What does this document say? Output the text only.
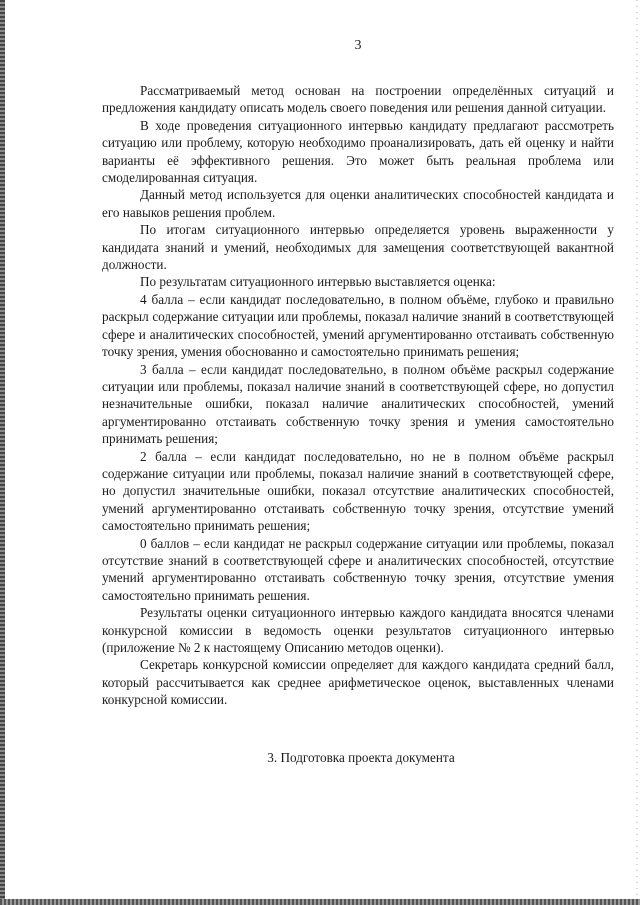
3

Рассматриваемый метод основан на построении определённых ситуаций и предложения кандидату описать модель своего поведения или решения данной ситуации.

В ходе проведения ситуационного интервью кандидату предлагают рассмотреть ситуацию или проблему, которую необходимо проанализировать, дать ей оценку и найти варианты её эффективного решения. Это может быть реальная проблема или смоделированная ситуация.

Данный метод используется для оценки аналитических способностей кандидата и его навыков решения проблем.

По итогам ситуационного интервью определяется уровень выраженности у кандидата знаний и умений, необходимых для замещения соответствующей вакантной должности.

По результатам ситуационного интервью выставляется оценка:

4 балла – если кандидат последовательно, в полном объёме, глубоко и правильно раскрыл содержание ситуации или проблемы, показал наличие знаний в соответствующей сфере и аналитических способностей, умений аргументированно отстаивать собственную точку зрения, умения обоснованно и самостоятельно принимать решения;

3 балла – если кандидат последовательно, в полном объёме раскрыл содержание ситуации или проблемы, показал наличие знаний в соответствующей сфере, но допустил незначительные ошибки, показал наличие аналитических способностей, умений аргументированно отстаивать собственную точку зрения и умения самостоятельно принимать решения;

2 балла – если кандидат последовательно, но не в полном объёме раскрыл содержание ситуации или проблемы, показал наличие знаний в соответствующей сфере, но допустил значительные ошибки, показал отсутствие аналитических способностей, умений аргументированно отстаивать собственную точку зрения, отсутствие умений самостоятельно принимать решения;

0 баллов – если кандидат не раскрыл содержание ситуации или проблемы, показал отсутствие знаний в соответствующей сфере и аналитических способностей, отсутствие умений аргументированно отстаивать собственную точку зрения, отсутствие умения самостоятельно принимать решения.

Результаты оценки ситуационного интервью каждого кандидата вносятся членами конкурсной комиссии в ведомость оценки результатов ситуационного интервью (приложение № 2 к настоящему Описанию методов оценки).

Секретарь конкурсной комиссии определяет для каждого кандидата средний балл, который рассчитывается как среднее арифметическое оценок, выставленных членами конкурсной комиссии.

3. Подготовка проекта документа
